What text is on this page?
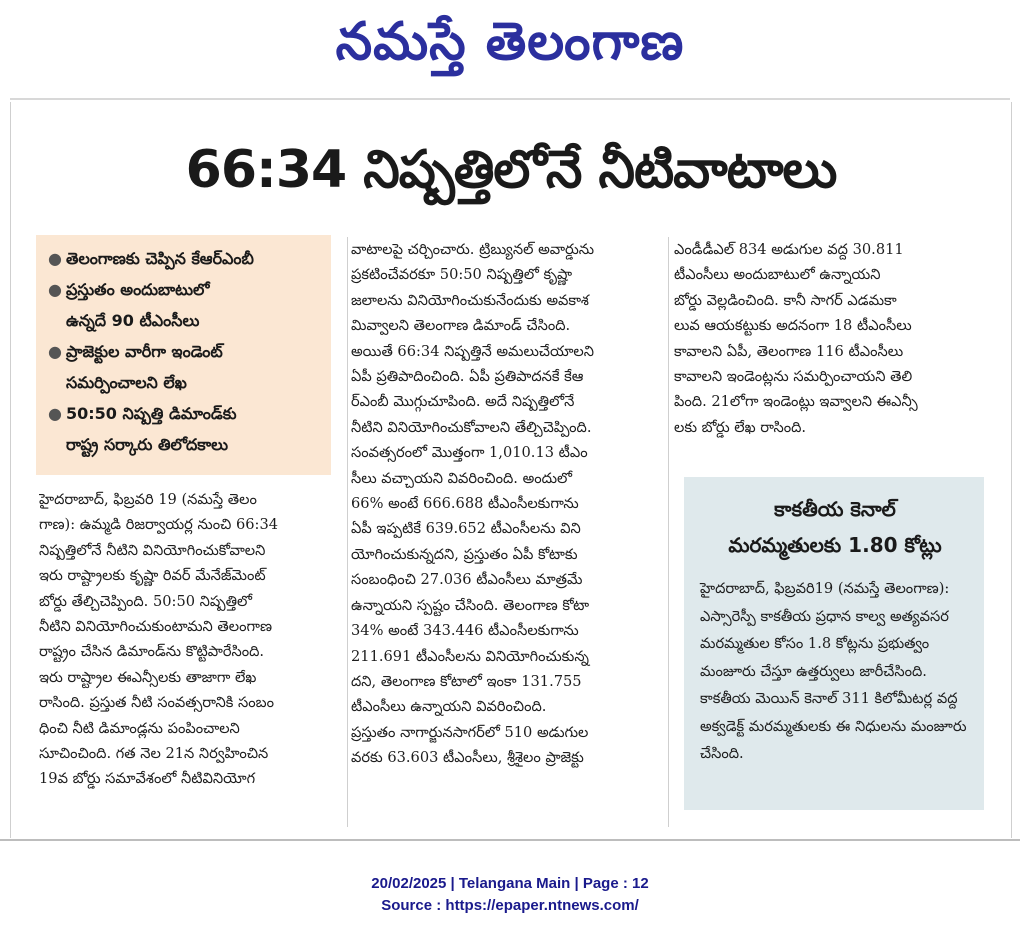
నమస్తే తెలంగాణ
66:34 నిష్పత్తిలోనే నీటివాటాలు
● తెలంగాణకు చెప్పిన కేఆర్ఎంబీ
● ప్రస్తుతం అందుబాటులో
ఉన్నదే 90 టీఎంసీలు
● ప్రాజెక్టుల వారీగా ఇండెంట్
సమర్పించాలని లేఖ
● 50:50 నిష్పత్తి డిమాండ్‌కు
రాష్ట్ర సర్కారు తిలోదకాలు
హైదరాబాద్, ఫిబ్రవరి 19 (నమస్తే తెలం
గాణ): ఉమ్మడి రిజర్వాయర్ల నుంచి 66:34
నిష్పత్తిలోనే నీటిని వినియోగించుకోవాలని
ఇరు రాష్ట్రాలకు కృష్ణా రివర్ మేనేజ్‌మెంట్
బోర్డు తేల్చిచెప్పింది. 50:50 నిష్పత్తిలో
నీటిని వినియోగించుకుంటామని తెలంగాణ
రాష్ట్రం చేసిన డిమాండ్‌ను కొట్టిపారేసింది.
ఇరు రాష్ట్రాల ఈఎన్సీలకు తాజాగా లేఖ
రాసింది. ప్రస్తుత నీటి సంవత్సరానికి సంబం
ధించి నీటి డిమాండ్లను పంపించాలని
సూచించింది. గత నెల 21న నిర్వహించిన
19వ బోర్డు సమావేశంలో నీటివినియోగ
వాటాలపై చర్చించారు. ట్రిబ్యునల్ అవార్డును
ప్రకటించేవరకూ 50:50 నిష్పత్తిలో కృష్ణా
జలాలను వినియోగించుకునేందుకు అవకాశ
మివ్వాలని తెలంగాణ డిమాండ్ చేసింది.
అయితే 66:34 నిష్పత్తినే అమలుచేయాలని
ఏపీ ప్రతిపాదించింది. ఏపీ ప్రతిపాదనకే కేఆ
ర్ఎంబీ మొగ్గుచూపింది. అదే నిష్పత్తిలోనే
నీటిని వినియోగించుకోవాలని తేల్చిచెప్పింది.
సంవత్సరంలో మొత్తంగా 1,010.13 టీఎం
సీలు వచ్చాయని వివరించింది. అందులో
66% అంటే 666.688 టీఎంసీలకుగాను
ఏపీ ఇప్పటికే 639.652 టీఎంసీలను విని
యోగించుకున్నదని, ప్రస్తుతం ఏపీ కోటాకు
సంబంధించి 27.036 టీఎంసీలు మాత్రమే
ఉన్నాయని స్పష్టం చేసింది. తెలంగాణ కోటా
34% అంటే 343.446 టీఎంసీలకుగాను
211.691 టీఎంసీలను వినియోగించుకున్న
దని, తెలంగాణ కోటాలో ఇంకా 131.755
టీఎంసీలు ఉన్నాయని వివరించింది.
ప్రస్తుతం నాగార్జునసాగర్‌లో 510 అడుగుల
వరకు 63.603 టీఎంసీలు, శ్రీశైలం ప్రాజెక్టు
ఎండీడీఎల్ 834 అడుగుల వద్ద 30.811
టీఎంసీలు అందుబాటులో ఉన్నాయని
బోర్డు వెల్లడించింది. కానీ సాగర్ ఎడమకా
లువ ఆయకట్టుకు అదనంగా 18 టీఎంసీలు
కావాలని ఏపీ, తెలంగాణ 116 టీఎంసీలు
కావాలని ఇండెంట్లను సమర్పించాయని తెలి
పింది. 21లోగా ఇండెంట్లు ఇవ్వాలని ఈఎన్సీ
లకు బోర్డు లేఖ రాసింది.
కాకతీయ కెనాల్
మరమ్మతులకు 1.80 కోట్లు
హైదరాబాద్, ఫిబ్రవరి19 (నమస్తే తెలంగాణ): ఎస్సారెస్పీ కాకతీయ ప్రధాన కాల్వ అత్యవసర మరమ్మతుల కోసం 1.8 కోట్లను ప్రభుత్వం మంజూరు చేస్తూ ఉత్తర్వులు జారీచేసింది. కాకతీయ మెయిన్ కెనాల్ 311 కిలోమీటర్ల వద్ద అక్వడెక్ట్ మరమ్మతులకు ఈ నిధులను మంజూరు చేసింది.
20/02/2025 | Telangana Main | Page : 12
Source : https://epaper.ntnews.com/
